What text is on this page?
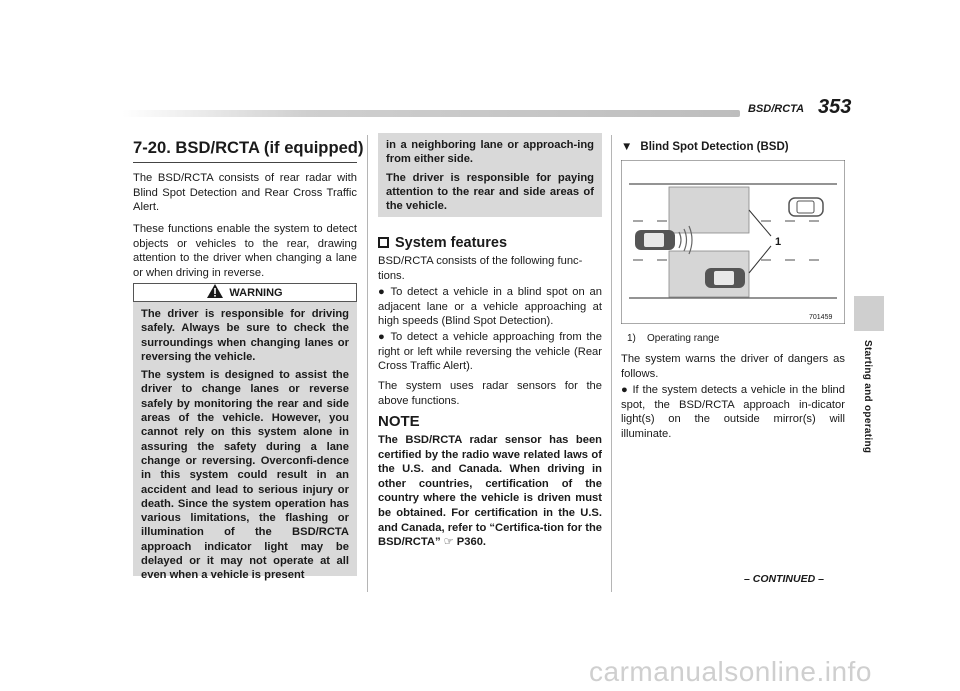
BSD/RCTA 353
Starting and operating
7-20. BSD/RCTA (if equipped)

The BSD/RCTA consists of rear radar with Blind Spot Detection and Rear Cross Traffic Alert.

These functions enable the system to detect objects or vehicles to the rear, drawing attention to the driver when changing a lane or when driving in reverse.

WARNING

The driver is responsible for driving safely. Always be sure to check the surroundings when changing lanes or reversing the vehicle.

The system is designed to assist the driver to change lanes or reverse safely by monitoring the rear and side areas of the vehicle. However, you cannot rely on this system alone in assuring the safety during a lane change or reversing. Overconfi-dence in this system could result in an accident and lead to serious injury or death. Since the system operation has various limitations, the flashing or illumination of the BSD/RCTA approach indicator light may be delayed or it may not operate at all even when a vehicle is present

in a neighboring lane or approach-ing from either side.

The driver is responsible for paying attention to the rear and side areas of the vehicle.

System features

BSD/RCTA consists of the following func-tions.

● To detect a vehicle in a blind spot on an adjacent lane or a vehicle approaching at high speeds (Blind Spot Detection).

● To detect a vehicle approaching from the right or left while reversing the vehicle (Rear Cross Traffic Alert).

The system uses radar sensors for the above functions.

NOTE

The BSD/RCTA radar sensor has been certified by the radio wave related laws of the U.S. and Canada. When driving in other countries, certification of the country where the vehicle is driven must be obtained. For certification in the U.S. and Canada, refer to “Certifica-tion for the BSD/RCTA” ☞ P360.

▼ Blind Spot Detection (BSD)
1
701459
1)    Operating range

The system warns the driver of dangers as follows.

● If the system detects a vehicle in the blind spot, the BSD/RCTA approach in-dicator light(s) on the outside mirror(s) will illuminate.

– CONTINUED –
carmanualsonline.info
